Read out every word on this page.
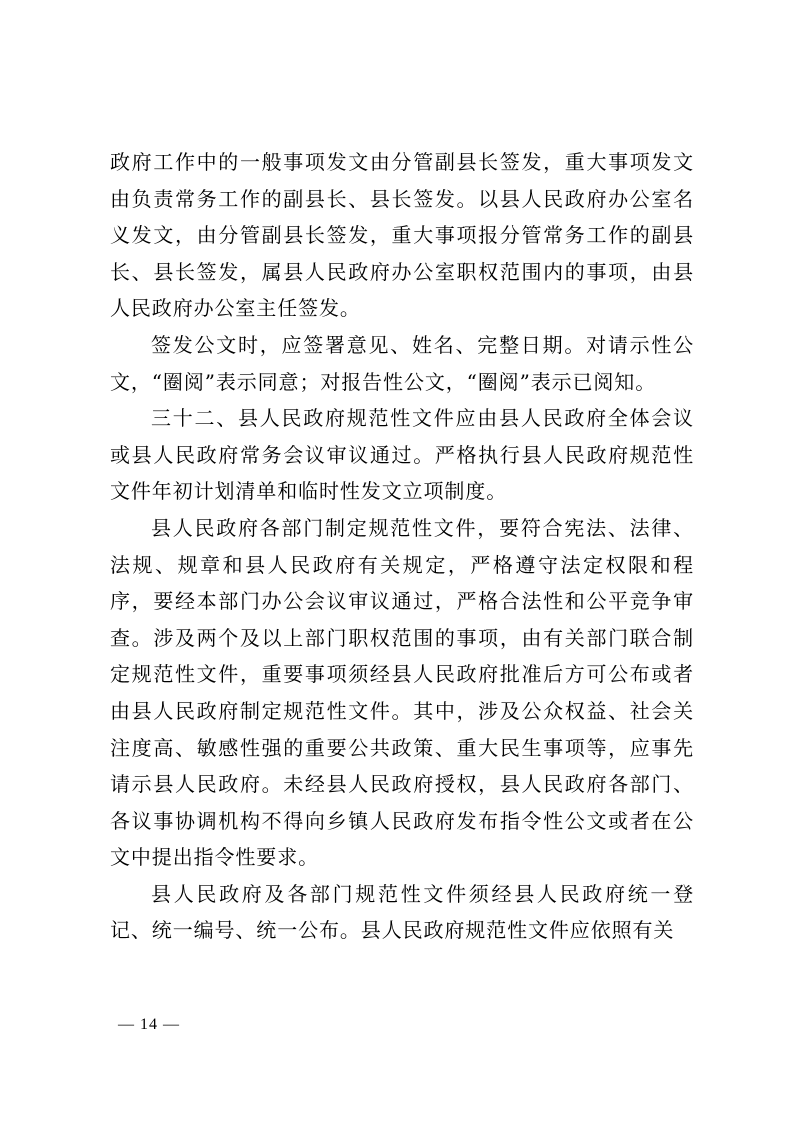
政府工作中的一般事项发文由分管副县长签发，重大事项发文由负责常务工作的副县长、县长签发。以县人民政府办公室名义发文，由分管副县长签发，重大事项报分管常务工作的副县长、县长签发，属县人民政府办公室职权范围内的事项，由县人民政府办公室主任签发。

签发公文时，应签署意见、姓名、完整日期。对请示性公文，“圈阅”表示同意；对报告性公文，“圈阅”表示已阅知。

三十二、县人民政府规范性文件应由县人民政府全体会议或县人民政府常务会议审议通过。严格执行县人民政府规范性文件年初计划清单和临时性发文立项制度。

县人民政府各部门制定规范性文件，要符合宪法、法律、法规、规章和县人民政府有关规定，严格遵守法定权限和程序，要经本部门办公会议审议通过，严格合法性和公平竞争审查。涉及两个及以上部门职权范围的事项，由有关部门联合制定规范性文件，重要事项须经县人民政府批准后方可公布或者由县人民政府制定规范性文件。其中，涉及公众权益、社会关注度高、敏感性强的重要公共政策、重大民生事项等，应事先请示县人民政府。未经县人民政府授权，县人民政府各部门、各议事协调机构不得向乡镇人民政府发布指令性公文或者在公文中提出指令性要求。

县人民政府及各部门规范性文件须经县人民政府统一登记、统一编号、统一公布。县人民政府规范性文件应依照有关

— 14 —
